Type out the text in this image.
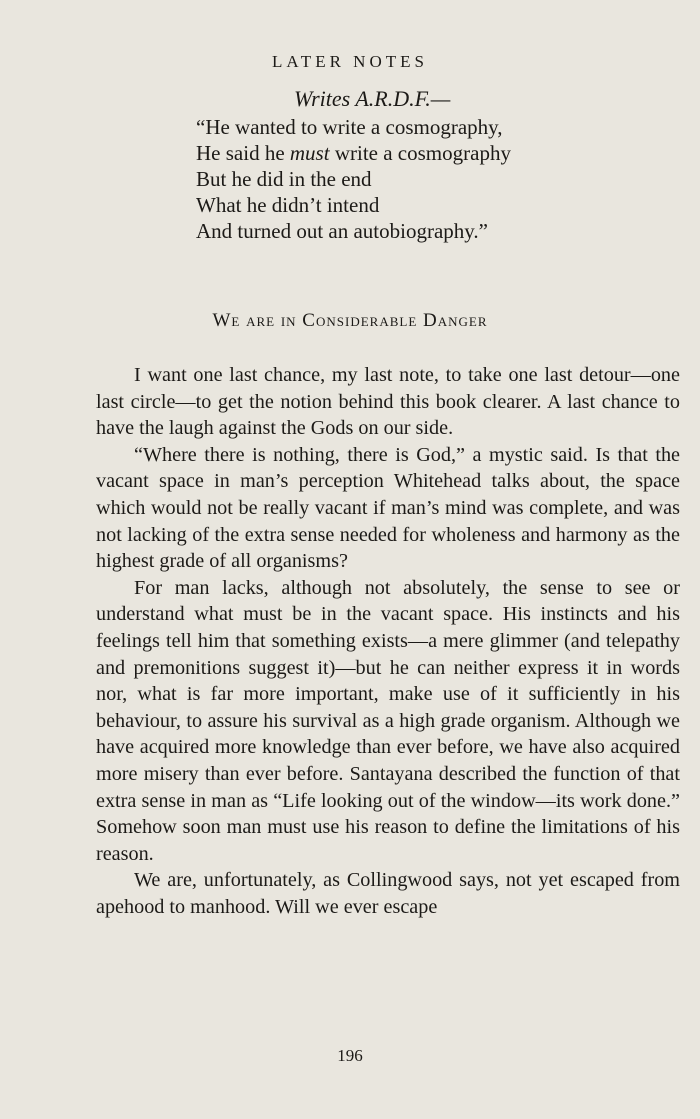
LATER NOTES
Writes A.R.D.F.—
“He wanted to write a cosmography,
He said he must write a cosmography
But he did in the end
What he didn’t intend
And turned out an autobiography.”
We are in Considerable Danger

I want one last chance, my last note, to take one last detour—one last circle—to get the notion behind this book clearer. A last chance to have the laugh against the Gods on our side.

“Where there is nothing, there is God,” a mystic said. Is that the vacant space in man’s perception Whitehead talks about, the space which would not be really vacant if man’s mind was complete, and was not lacking of the extra sense needed for wholeness and harmony as the highest grade of all organisms?

For man lacks, although not absolutely, the sense to see or understand what must be in the vacant space. His instincts and his feelings tell him that something exists—a mere glimmer (and telepathy and premonitions suggest it)—but he can neither express it in words nor, what is far more important, make use of it sufficiently in his behaviour, to assure his survival as a high grade organism. Although we have acquired more knowledge than ever before, we have also acquired more misery than ever before. Santayana described the function of that extra sense in man as “Life looking out of the window—its work done.” Somehow soon man must use his reason to define the limitations of his reason.

We are, unfortunately, as Collingwood says, not yet escaped from apehood to manhood. Will we ever escape

196
